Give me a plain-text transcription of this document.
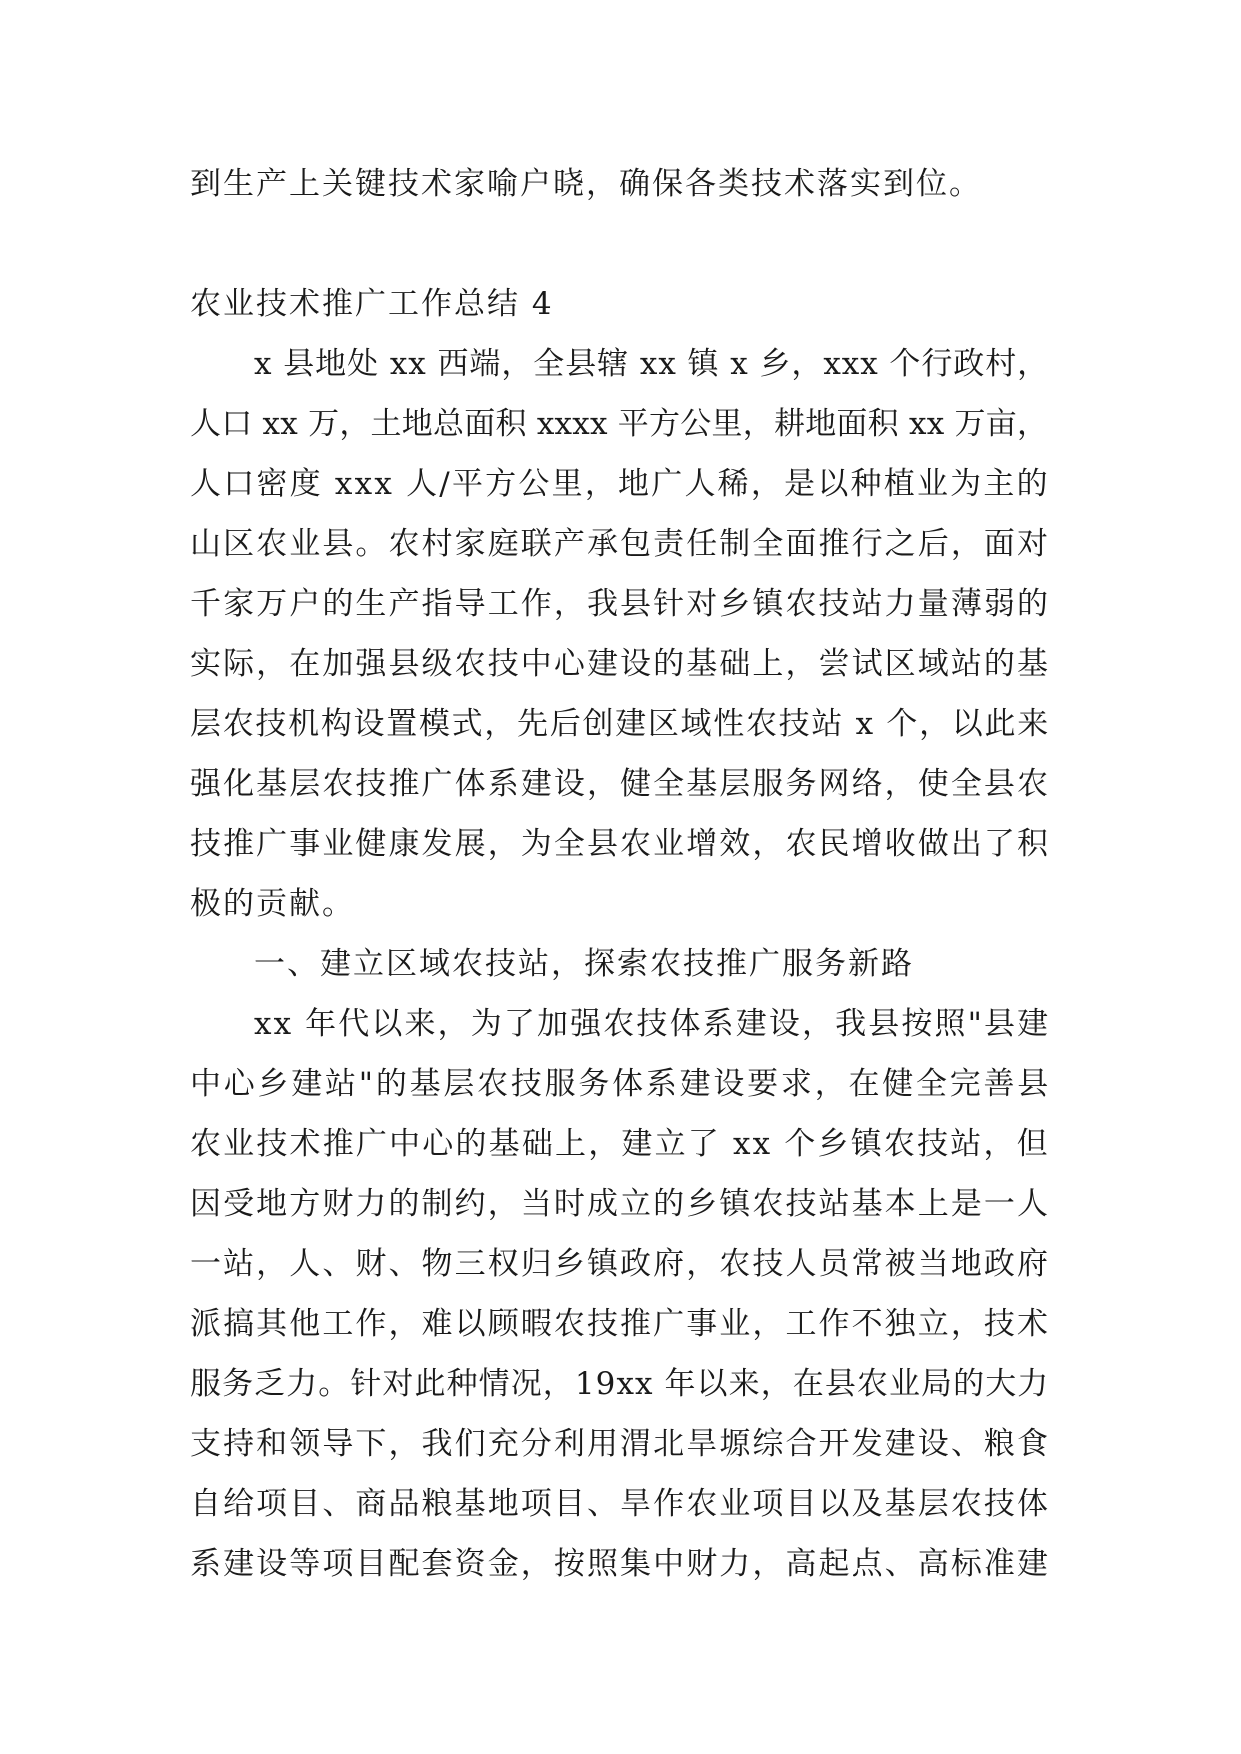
到生产上关键技术家喻户晓，确保各类技术落实到位。

农业技术推广工作总结 4

x 县地处 xx 西端，全县辖 xx 镇 x 乡，xxx 个行政村，

人口 xx 万，土地总面积 xxxx 平方公里，耕地面积 xx 万亩，

人口密度 xxx 人/平方公里，地广人稀，是以种植业为主的

山区农业县。农村家庭联产承包责任制全面推行之后，面对

千家万户的生产指导工作，我县针对乡镇农技站力量薄弱的

实际，在加强县级农技中心建设的基础上，尝试区域站的基

层农技机构设置模式，先后创建区域性农技站 x 个，以此来

强化基层农技推广体系建设，健全基层服务网络，使全县农

技推广事业健康发展，为全县农业增效，农民增收做出了积

极的贡献。

一、建立区域农技站，探索农技推广服务新路

xx 年代以来，为了加强农技体系建设，我县按照"县建

中心乡建站"的基层农技服务体系建设要求，在健全完善县

农业技术推广中心的基础上，建立了 xx 个乡镇农技站，但

因受地方财力的制约，当时成立的乡镇农技站基本上是一人

一站，人、财、物三权归乡镇政府，农技人员常被当地政府

派搞其他工作，难以顾暇农技推广事业，工作不独立，技术

服务乏力。针对此种情况，19xx 年以来，在县农业局的大力

支持和领导下，我们充分利用渭北旱塬综合开发建设、粮食

自给项目、商品粮基地项目、旱作农业项目以及基层农技体

系建设等项目配套资金，按照集中财力，高起点、高标准建
